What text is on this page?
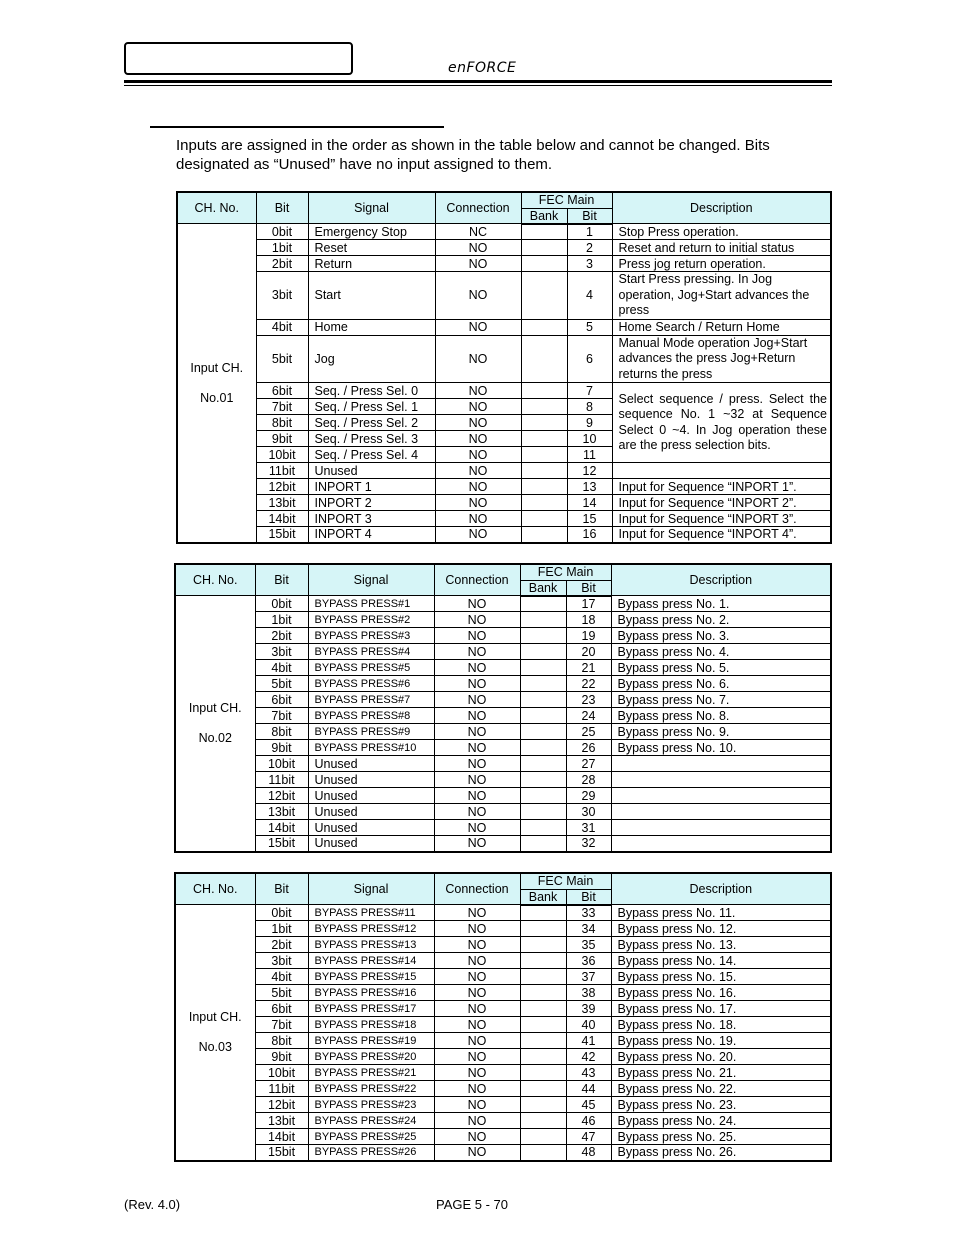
enFORCE

Inputs are assigned in the order as shown in the table below and cannot be changed. Bits designated as “Unused” have no input assigned to them.

CH. No.	Bit	Signal	Connection	FEC Main		Description
				Bank	Bit	

Input CH.
No.01	0bit	Emergency Stop	NC		1	Stop Press operation.
	1bit	Reset	NO		2	Reset and return to initial status
	2bit	Return	NO		3	Press jog return operation.
	3bit	Start	NO		4	Start Press pressing. In Jog operation, Jog+Start advances the press
	4bit	Home	NO		5	Home Search / Return Home
	5bit	Jog	NO		6	Manual Mode operation Jog+Start advances the press Jog+Return returns the press
	6bit	Seq. / Press Sel. 0	NO		7	Select sequence / press. Select the sequence No. 1 ~32 at Sequence Select 0 ~4. In Jog operation these are the press selection bits.
	7bit	Seq. / Press Sel. 1	NO		8	
	8bit	Seq. / Press Sel. 2	NO		9	
	9bit	Seq. / Press Sel. 3	NO		10	
	10bit	Seq. / Press Sel. 4	NO		11	
	11bit	Unused	NO		12	
	12bit	INPORT 1	NO		13	Input for Sequence “INPORT 1”.
	13bit	INPORT 2	NO		14	Input for Sequence “INPORT 2”.
	14bit	INPORT 3	NO		15	Input for Sequence “INPORT 3”.
	15bit	INPORT 4	NO		16	Input for Sequence “INPORT 4”.
CH. No.	Bit	Signal	Connection	FEC Main		Description
				Bank	Bit	

Input CH.
No.02	0bit	BYPASS PRESS#1	NO		17	Bypass press No. 1.
	1bit	BYPASS PRESS#2	NO		18	Bypass press No. 2.
	2bit	BYPASS PRESS#3	NO		19	Bypass press No. 3.
	3bit	BYPASS PRESS#4	NO		20	Bypass press No. 4.
	4bit	BYPASS PRESS#5	NO		21	Bypass press No. 5.
	5bit	BYPASS PRESS#6	NO		22	Bypass press No. 6.
	6bit	BYPASS PRESS#7	NO		23	Bypass press No. 7.
	7bit	BYPASS PRESS#8	NO		24	Bypass press No. 8.
	8bit	BYPASS PRESS#9	NO		25	Bypass press No. 9.
	9bit	BYPASS PRESS#10	NO		26	Bypass press No. 10.
	10bit	Unused	NO		27	
	11bit	Unused	NO		28	
	12bit	Unused	NO		29	
	13bit	Unused	NO		30	
	14bit	Unused	NO		31	
	15bit	Unused	NO		32	
CH. No.	Bit	Signal	Connection	FEC Main		Description
				Bank	Bit	

Input CH.
No.03	0bit	BYPASS PRESS#11	NO		33	Bypass press No. 11.
	1bit	BYPASS PRESS#12	NO		34	Bypass press No. 12.
	2bit	BYPASS PRESS#13	NO		35	Bypass press No. 13.
	3bit	BYPASS PRESS#14	NO		36	Bypass press No. 14.
	4bit	BYPASS PRESS#15	NO		37	Bypass press No. 15.
	5bit	BYPASS PRESS#16	NO		38	Bypass press No. 16.
	6bit	BYPASS PRESS#17	NO		39	Bypass press No. 17.
	7bit	BYPASS PRESS#18	NO		40	Bypass press No. 18.
	8bit	BYPASS PRESS#19	NO		41	Bypass press No. 19.
	9bit	BYPASS PRESS#20	NO		42	Bypass press No. 20.
	10bit	BYPASS PRESS#21	NO		43	Bypass press No. 21.
	11bit	BYPASS PRESS#22	NO		44	Bypass press No. 22.
	12bit	BYPASS PRESS#23	NO		45	Bypass press No. 23.
	13bit	BYPASS PRESS#24	NO		46	Bypass press No. 24.
	14bit	BYPASS PRESS#25	NO		47	Bypass press No. 25.
	15bit	BYPASS PRESS#26	NO		48	Bypass press No. 26.
(Rev. 4.0)	PAGE 5 - 70
